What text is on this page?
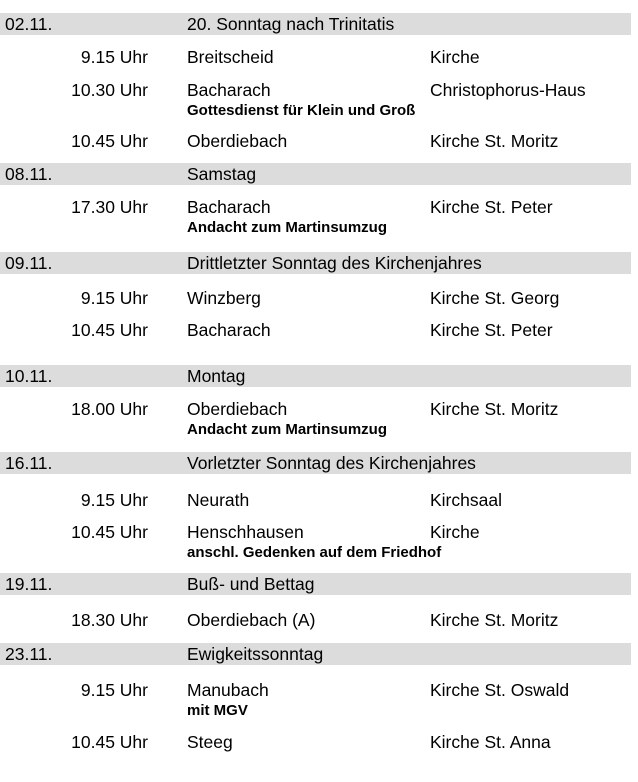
02.11.	20. Sonntag nach Trinitatis
9.15 Uhr Breitscheid	Kirche
10.30 Uhr Bacharach	Christophorus-Haus
Gottesdienst für Klein und Groß
10.45 Uhr Oberdiebach	Kirche St. Moritz
08.11.	Samstag
17.30 Uhr Bacharach	Kirche St. Peter
Andacht zum Martinsumzug
09.11.	Drittletzter Sonntag des Kirchenjahres
9.15 Uhr Winzberg	Kirche St. Georg
10.45 Uhr Bacharach	Kirche St. Peter
10.11.	Montag
18.00 Uhr Oberdiebach	Kirche St. Moritz
Andacht zum Martinsumzug
16.11.	Vorletzter Sonntag des Kirchenjahres
9.15 Uhr Neurath	Kirchsaal
10.45 Uhr Henschhausen	Kirche
anschl. Gedenken auf dem Friedhof
19.11.	Buß- und Bettag
18.30 Uhr Oberdiebach (A)	Kirche St. Moritz
23.11.	Ewigkeitssonntag
9.15 Uhr Manubach	Kirche St. Oswald
mit MGV
10.45 Uhr Steeg	Kirche St. Anna
